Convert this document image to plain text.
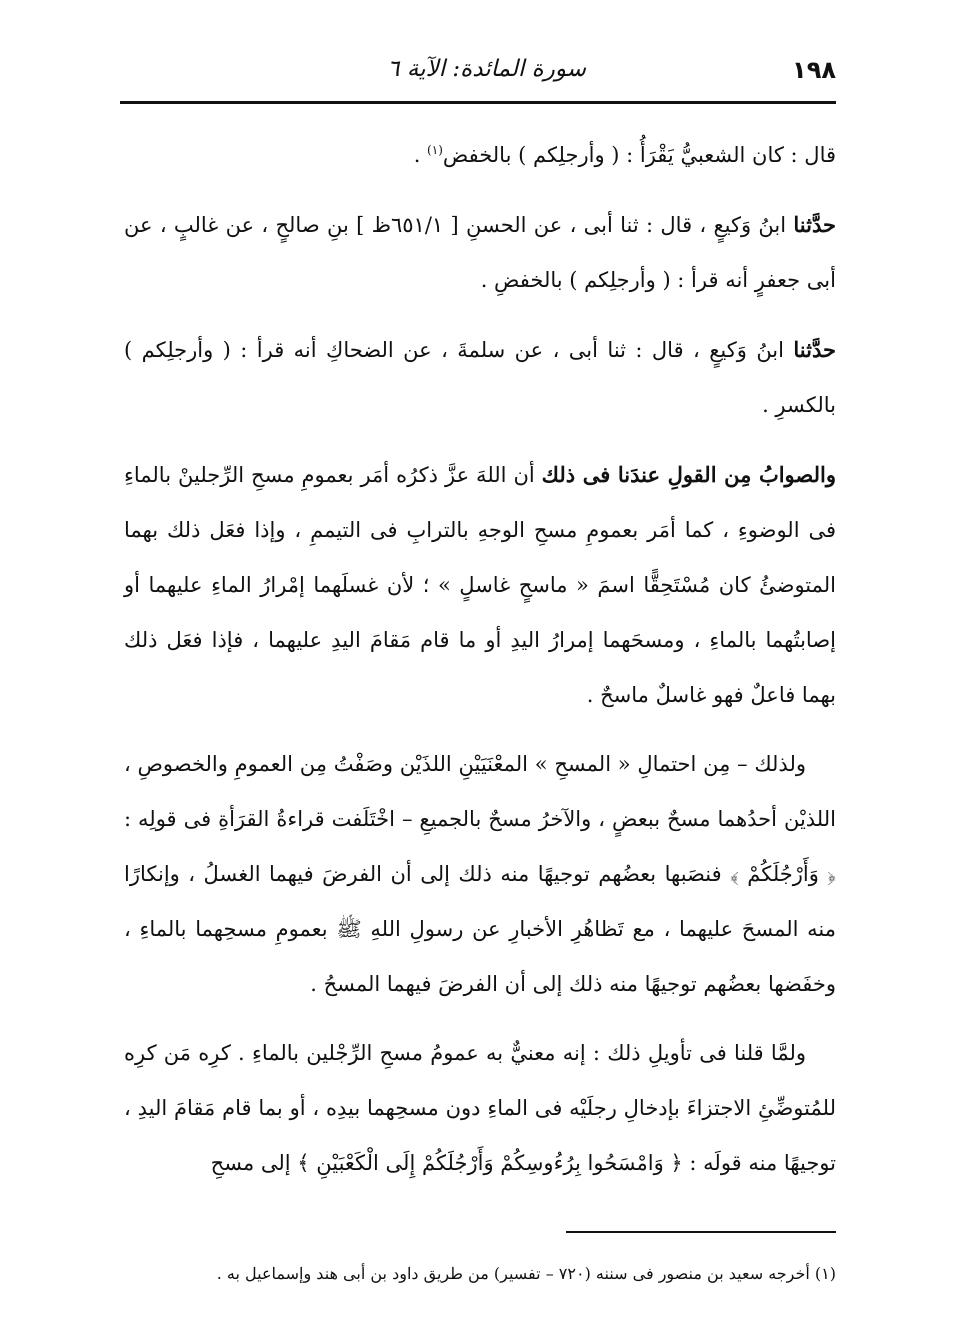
١٩٨
سورة المائدة: الآية ٦

قال : كان الشعبيُّ يَقْرَأُ : ( وأرجلِكم ) بالخفض$^{(١)}$ .

حدَّثنا ابنُ وَكيعٍ ، قال : ثنا أبى ، عن الحسنِ [ ٦٥١/١ظ ] بنِ صالحٍ ، عن غالبٍ ، عن أبى جعفرٍ أنه قرأ : ( وأرجلِكم ) بالخفضِ .

حدَّثنا ابنُ وَكيعٍ ، قال : ثنا أبى ، عن سلمةَ ، عن الضحاكِ أنه قرأ : ( وأرجلِكم ) بالكسرِ .

والصوابُ مِن القولِ عندَنا فى ذلك أن اللهَ عزَّ ذكرُه أمَر بعمومِ مسحِ الرِّجلينْ بالماءِ فى الوضوءِ ، كما أمَر بعمومِ مسحِ الوجهِ بالترابِ فى التيممِ ، وإذا فعَل ذلك بهما المتوضئُ كان مُسْتَحِقًّا اسمَ « ماسحٍ غاسلٍ » ؛ لأن غسلَهما إمْرارُ الماءِ عليهما أو إصابتُهما بالماءِ ، ومسحَهما إمرارُ اليدِ أو ما قام مَقامَ اليدِ عليهما ، فإذا فعَل ذلك بهما فاعلٌ فهو غاسلٌ ماسحٌ .

ولذلك – مِن احتمالِ « المسحِ » المعْنَيَيْنِ اللذَيْن وصَفْتُ مِن العمومِ والخصوصِ ، اللذيْن أحدُهما مسحٌ ببعضٍ ، والآخرُ مسحٌ بالجميعِ – اخْتَلَفت قراءةُ القرَأةِ فى قولِه : ﴿ وَأَرْجُلَكُمْ ﴾ فنصَبها بعضُهم توجيهًا منه ذلك إلى أن الفرضَ فيهما الغسلُ ، وإنكارًا منه المسحَ عليهما ، مع تَظاهُرِ الأخبارِ عن رسولِ اللهِ ﷺ بعمومِ مسحِهما بالماءِ ، وخفَضها بعضُهم توجيهًا منه ذلك إلى أن الفرضَ فيهما المسحُ .

ولمَّا قلنا فى تأويلِ ذلك : إنه معنيٌّ به عمومُ مسحِ الرِّجْلين بالماءِ . كرِه مَن كرِه للمُتوضِّئِ الاجتزاءَ بإدخالِ رجلَيْه فى الماءِ دون مسحِهما بيدِه ، أو بما قام مَقامَ اليدِ ، توجيهًا منه قولَه : ﴿ وَامْسَحُوا بِرُءُوسِكُمْ وَأَرْجُلَكُمْ إِلَى الْكَعْبَيْنِ ﴾ إلى مسحِ

(١) أخرجه سعيد بن منصور فى سننه (٧٢٠ – تفسير) من طريق داود بن أبى هند وإسماعيل به .
